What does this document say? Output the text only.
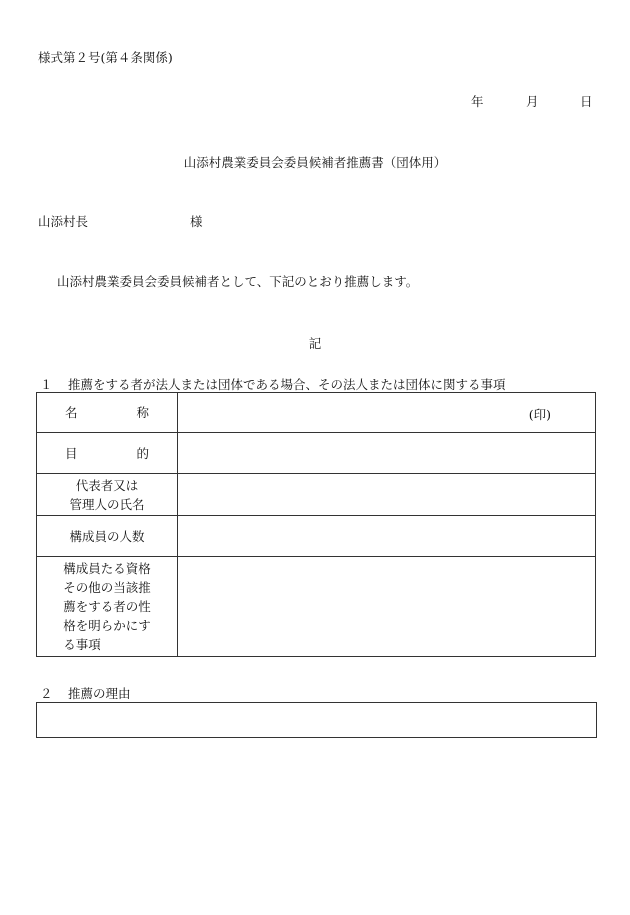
様式第２号(第４条関係)
年	月	日
山添村農業委員会委員候補者推薦書（団体用）
山添村長	様
山添村農業委員会委員候補者として、下記のとおり推薦します。
記
１ 推薦をする者が法人または団体である場合、その法人または団体に関する事項
名 称	(印)

目 的	

代表者又は
管理人の氏名	

構成員の人数	

構成員たる資格
その他の当該推
薦をする者の性
格を明らかにす
る事項	

２ 推薦の理由
